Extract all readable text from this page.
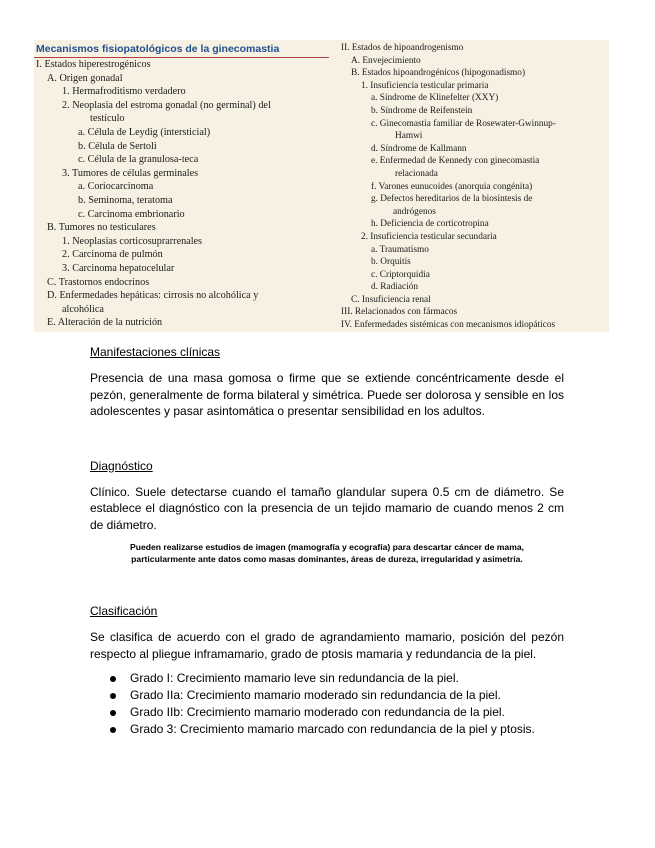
Mecanismos fisiopatológicos de la ginecomastia
I. Estados hiperestrogénicos
A. Origen gonadal
1. Hermafroditismo verdadero
2. Neoplasia del estroma gonadal (no germinal) del
testículo
a. Célula de Leydig (intersticial)
b. Célula de Sertoli
c. Célula de la granulosa-teca
3. Tumores de células germinales
a. Coriocarcinoma
b. Seminoma, teratoma
c. Carcinoma embrionario
B. Tumores no testiculares
1. Neoplasias corticosuprarrenales
2. Carcinoma de pulmón
3. Carcinoma hepatocelular
C. Trastornos endocrinos
D. Enfermedades hepáticas: cirrosis no alcohólica y
alcohólica
E. Alteración de la nutrición
II. Estados de hipoandrogenismo
A. Envejecimiento
B. Estados hipoandrogénicos (hipogonadismo)
1. Insuficiencia testicular primaria
a. Síndrome de Klinefelter (XXY)
b. Síndrome de Reifenstein
c. Ginecomastia familiar de Rosewater-Gwinnup-
Hamwi
d. Síndrome de Kallmann
e. Enfermedad de Kennedy con ginecomastia
relacionada
f. Varones eunucoides (anorquia congénita)
g. Defectos hereditarios de la biosíntesis de
andrógenos
h. Deficiencia de corticotropina
2. Insuficiencia testicular secundaria
a. Traumatismo
b. Orquitis
c. Criptorquidia
d. Radiación
C. Insuficiencia renal
III. Relacionados con fármacos
IV. Enfermedades sistémicas con mecanismos idiopáticos

Manifestaciones clínicas

Presencia de una masa gomosa o firme que se extiende concéntricamente desde el pezón, generalmente de forma bilateral y simétrica. Puede ser dolorosa y sensible en los adolescentes y pasar asintomática o presentar sensibilidad en los adultos.

Diagnóstico

Clínico. Suele detectarse cuando el tamaño glandular supera 0.5 cm de diámetro. Se establece el diagnóstico con la presencia de un tejido mamario de cuando menos 2 cm de diámetro.

Pueden realizarse estudios de imagen (mamografía y ecografía) para descartar cáncer de mama,

particularmente ante datos como masas dominantes, áreas de dureza, irregularidad y asimetría.

Clasificación

Se clasifica de acuerdo con el grado de agrandamiento mamario, posición del pezón respecto al pliegue inframamario, grado de ptosis mamaria y redundancia de la piel.

Grado I: Crecimiento mamario leve sin redundancia de la piel.
Grado IIa: Crecimiento mamario moderado sin redundancia de la piel.
Grado IIb: Crecimiento mamario moderado con redundancia de la piel.
Grado 3: Crecimiento mamario marcado con redundancia de la piel y ptosis.
